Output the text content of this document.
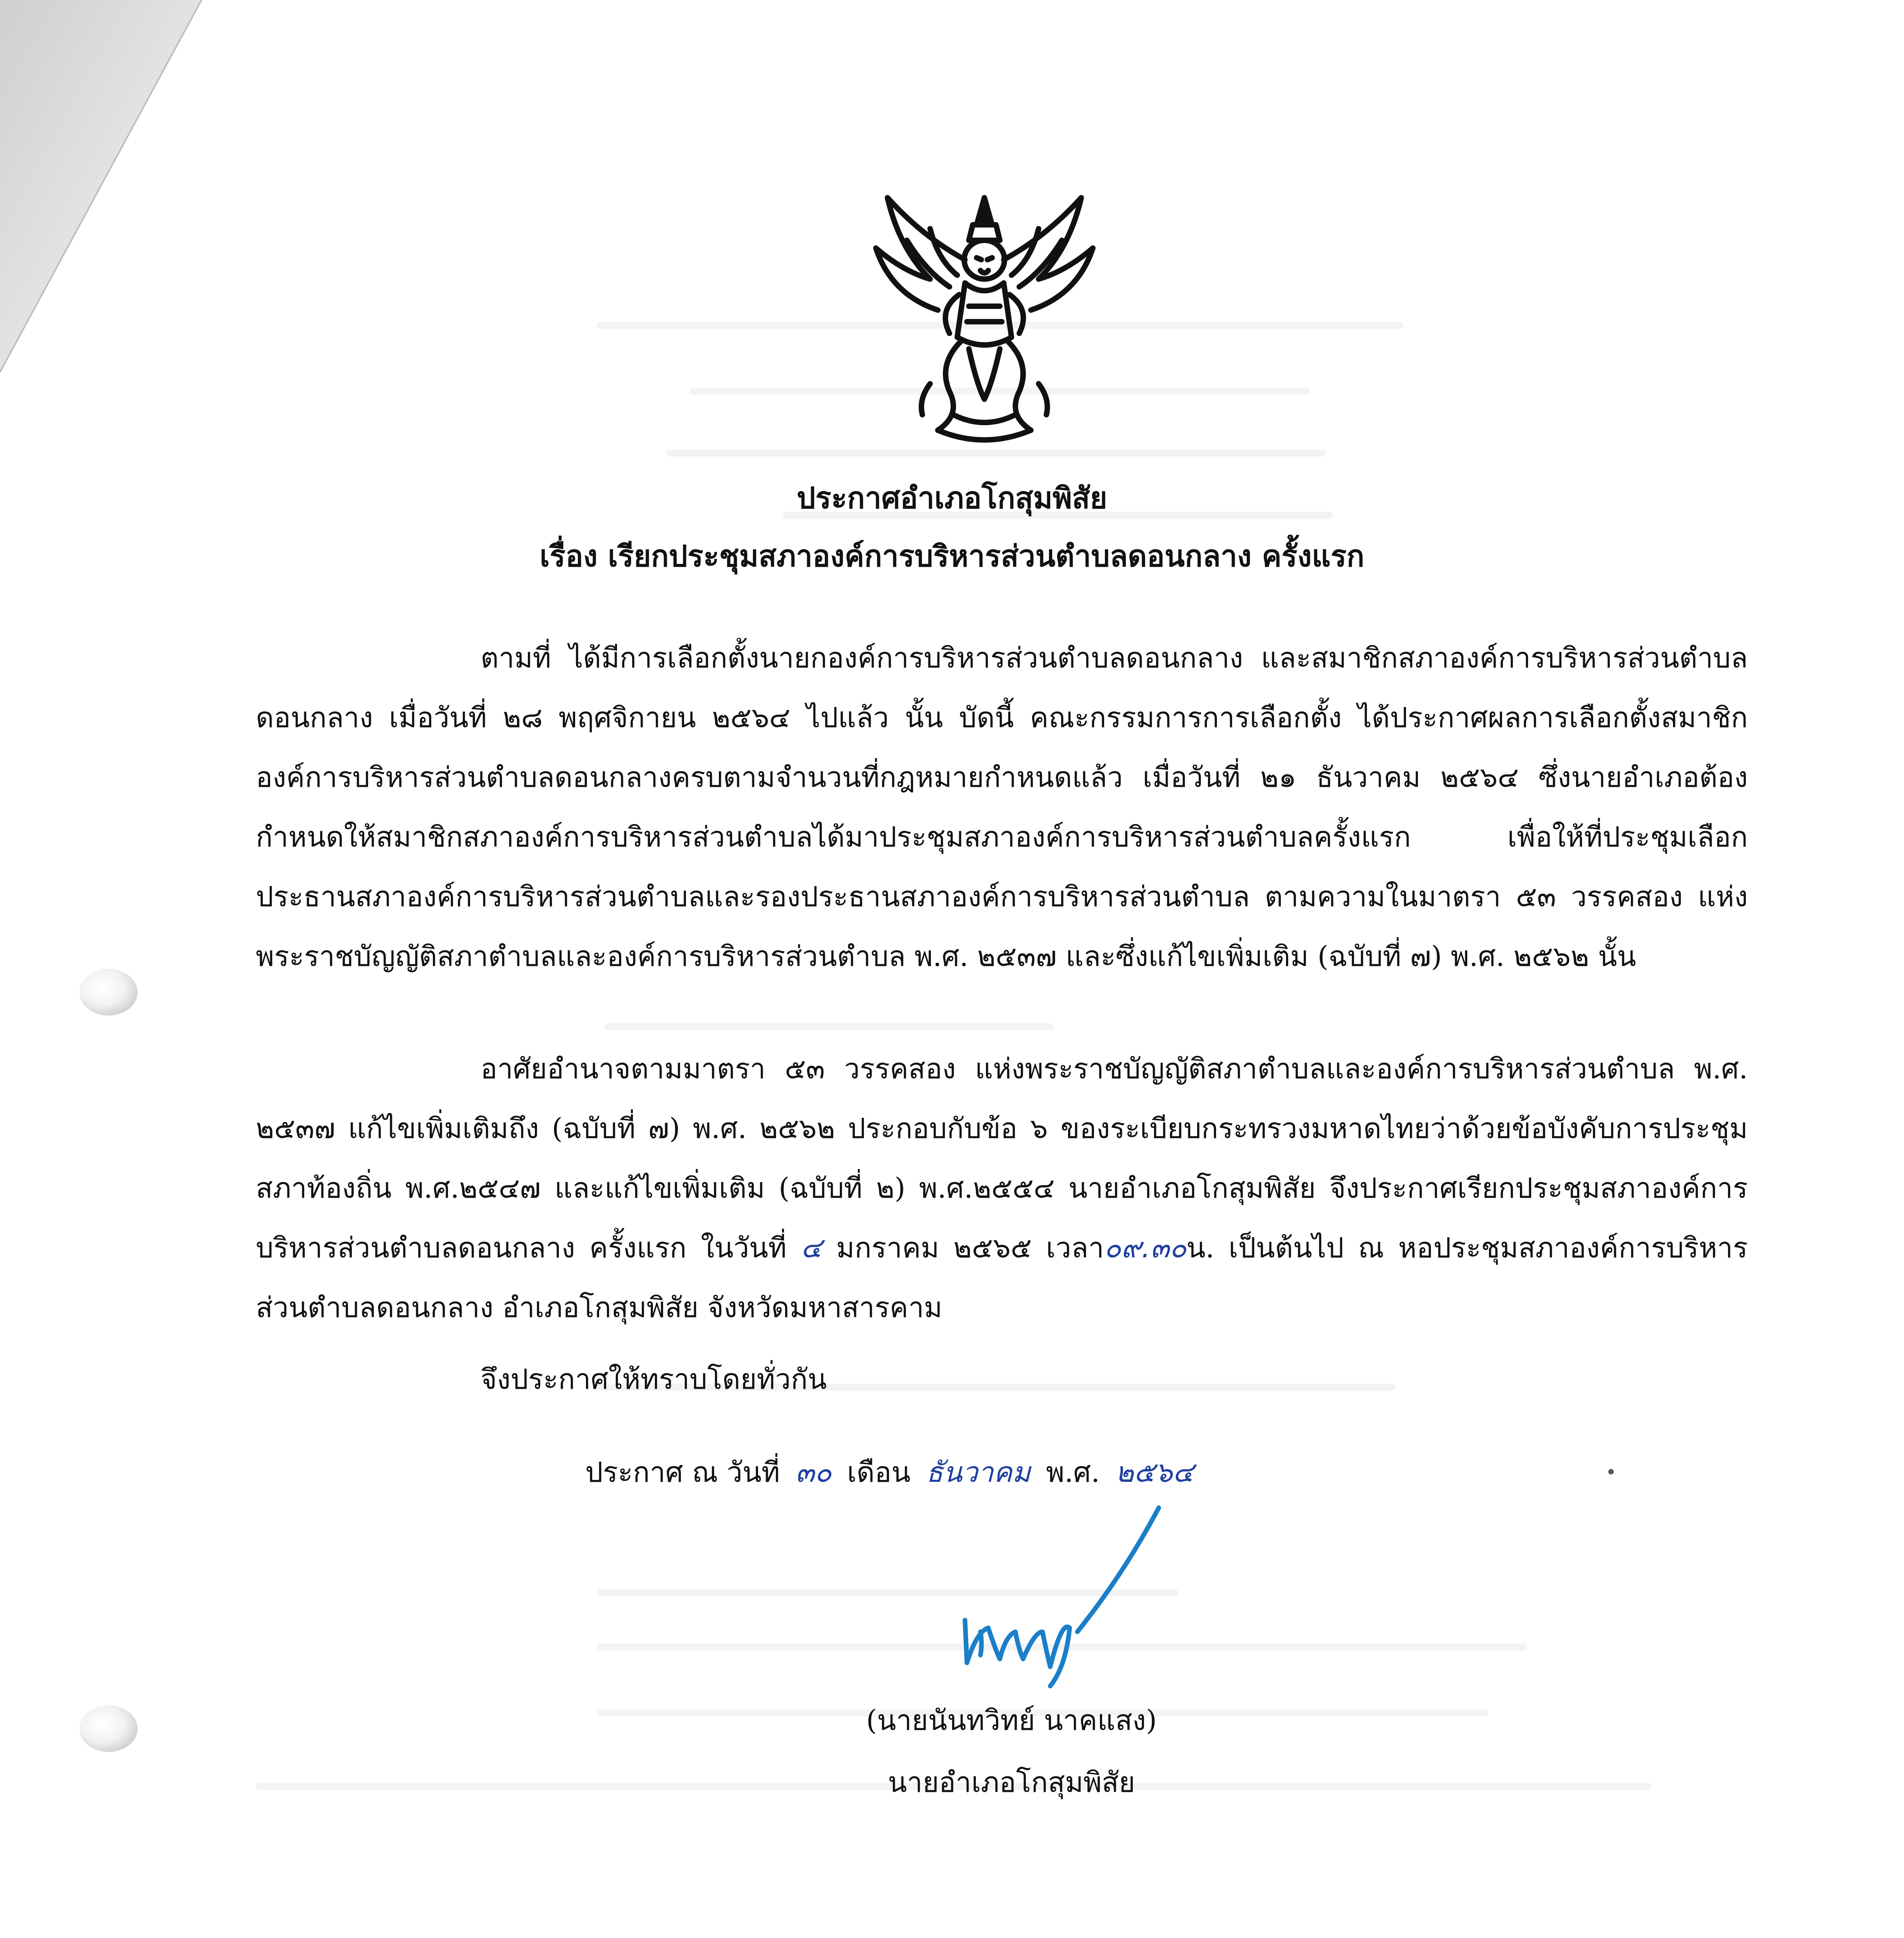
ประกาศอำเภอโกสุมพิสัย
เรื่อง เรียกประชุมสภาองค์การบริหารส่วนตำบลดอนกลาง ครั้งแรก

ตามที่ ได้มีการเลือกตั้งนายกองค์การบริหารส่วนตำบลดอนกลาง และสมาชิกสภาองค์การบริหารส่วนตำบลดอนกลาง เมื่อวันที่ ๒๘ พฤศจิกายน ๒๕๖๔ ไปแล้ว นั้น บัดนี้ คณะกรรมการการเลือกตั้ง ได้ประกาศผลการเลือกตั้งสมาชิกองค์การบริหารส่วนตำบลดอนกลางครบตามจำนวนที่กฎหมายกำหนดแล้ว เมื่อวันที่ ๒๑ ธันวาคม ๒๕๖๔ ซึ่งนายอำเภอต้องกำหนดให้สมาชิกสภาองค์การบริหารส่วนตำบลได้มาประชุมสภาองค์การบริหารส่วนตำบลครั้งแรก เพื่อให้ที่ประชุมเลือกประธานสภาองค์การบริหารส่วนตำบลและรองประธานสภาองค์การบริหารส่วนตำบล ตามความในมาตรา ๕๓ วรรคสอง แห่งพระราชบัญญัติสภาตำบลและองค์การบริหารส่วนตำบล พ.ศ. ๒๕๓๗ และซึ่งแก้ไขเพิ่มเติม (ฉบับที่ ๗) พ.ศ. ๒๕๖๒ นั้น

อาศัยอำนาจตามมาตรา ๕๓ วรรคสอง แห่งพระราชบัญญัติสภาตำบลและองค์การบริหารส่วนตำบล พ.ศ. ๒๕๓๗ แก้ไขเพิ่มเติมถึง (ฉบับที่ ๗) พ.ศ. ๒๕๖๒ ประกอบกับข้อ ๖ ของระเบียบกระทรวงมหาดไทยว่าด้วยข้อบังคับการประชุมสภาท้องถิ่น พ.ศ.๒๕๔๗ และแก้ไขเพิ่มเติม (ฉบับที่ ๒) พ.ศ.๒๕๕๔ นายอำเภอโกสุมพิสัย จึงประกาศเรียกประชุมสภาองค์การบริหารส่วนตำบลดอนกลาง ครั้งแรก ในวันที่ ๔ มกราคม ๒๕๖๕ เวลา๐๙.๓๐น. เป็นต้นไป ณ หอประชุมสภาองค์การบริหารส่วนตำบลดอนกลาง อำเภอโกสุมพิสัย จังหวัดมหาสารคาม

จึงประกาศให้ทราบโดยทั่วกัน
ประกาศ ณ วันที่ ๓๐ เดือน ธันวาคม พ.ศ. ๒๕๖๔
(นายนันทวิทย์ นาคแสง)
นายอำเภอโกสุมพิสัย
